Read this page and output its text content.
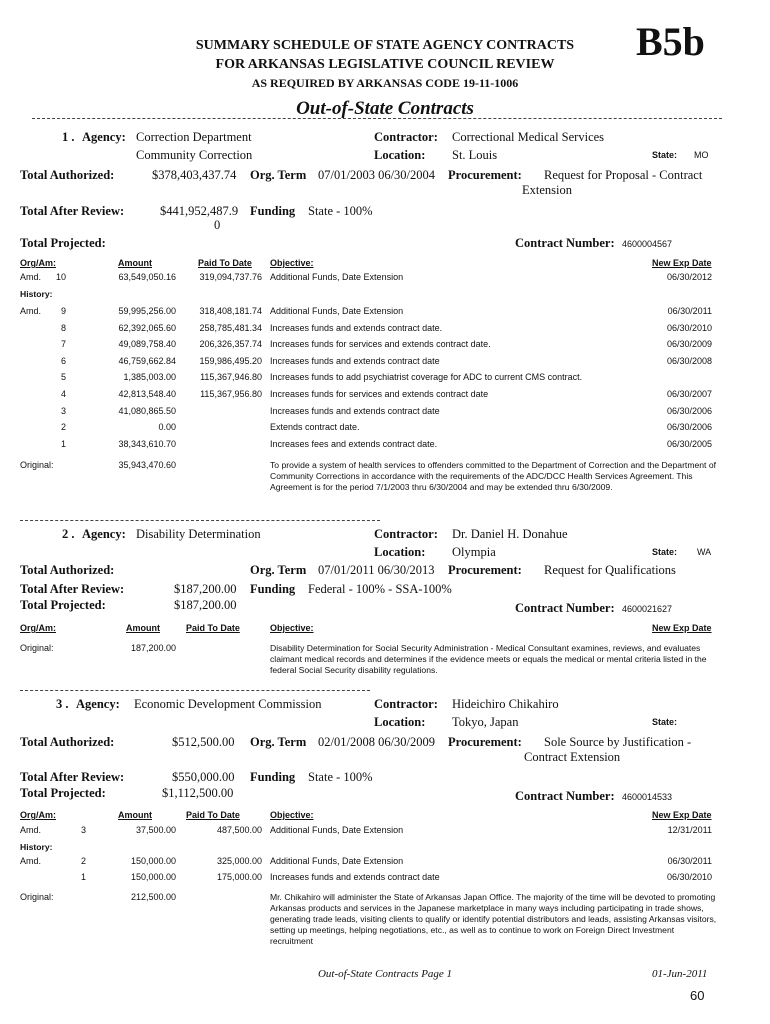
SUMMARY SCHEDULE OF STATE AGENCY CONTRACTS
FOR ARKANSAS LEGISLATIVE COUNCIL REVIEW
AS REQUIRED BY ARKANSAS CODE 19-11-1006
B5b
Out-of-State Contracts
1 . Agency: Correction Department
Community Correction
Contractor: Correctional Medical Services
Location: St. Louis	State: MO
Total Authorized:	$378,403,437.74 Org. Term 07/01/2003 06/30/2004 Procurement: Request for Proposal - Contract
Extension
Total After Review:	$441,952,487.9
0
Funding State - 100%
Total Projected:	Contract Number: 4600004567
Org/Am:	Amount	Paid To Date Objective:	New Exp Date
Amd. 10	63,549,050.16	319,094,737.76 Additional Funds, Date Extension	06/30/2012
History:
Amd.	9	59,995,256.00	318,408,181.74 Additional Funds, Date Extension	06/30/2011
8	62,392,065.60	258,785,481.34 Increases funds and extends contract date.	06/30/2010
7	49,089,758.40	206,326,357.74 Increases funds for services and extends contract date.	06/30/2009
6	46,759,662.84	159,986,495.20 Increases funds and extends contract date	06/30/2008
5	1,385,003.00	115,367,946.80 Increases funds to add psychiatrist coverage for ADC to current CMS contract.
4	42,813,548.40	115,367,956.80 Increases funds for services and extends contract date	06/30/2007
3	41,080,865.50	Increases funds and extends contract date	06/30/2006
2	0.00	Extends contract date.	06/30/2006
1	38,343,610.70	Increases fees and extends contract date.	06/30/2005
Original:	35,943,470.60	To provide a system of health services to offenders committed to the Department of Correction and the Department of Community Corrections in accordance with the requirements of the ADC/DCC Health Services Agreement. This Agreement is for the period 7/1/2003 thru 6/30/2004 and may be extended thru 6/30/2009.
2 . Agency: Disability Determination	Contractor: Dr. Daniel H. Donahue
Location: Olympia	State: WA
Total Authorized:	Org. Term 07/01/2011 06/30/2013 Procurement: Request for Qualifications
Total After Review:	$187,200.00 Funding Federal - 100% - SSA-100%
Total Projected:	$187,200.00	Contract Number: 4600021627
Org/Am:	Amount	Paid To Date	Objective:	New Exp Date
Original:	187,200.00	Disability Determination for Social Security Administration - Medical Consultant examines, reviews, and evaluates claimant medical records and determines if the evidence meets or equals the medical or mental criteria listed in the federal Social Security disability regulations.
3 . Agency: Economic Development Commission	Contractor: Hideichiro Chikahiro
Location: Tokyo, Japan	State:
Total Authorized:	$512,500.00 Org. Term 02/01/2008 06/30/2009 Procurement: Sole Source by Justification -
Contract Extension
Total After Review:	$550,000.00 Funding State - 100%
Total Projected:	$1,112,500.00	Contract Number: 4600014533
Org/Am:	Amount	Paid To Date	Objective:	New Exp Date
Amd.	3	37,500.00	487,500.00 Additional Funds, Date Extension	12/31/2011
History:
Amd.	2	150,000.00	325,000.00 Additional Funds, Date Extension	06/30/2011
1	150,000.00	175,000.00 Increases funds and extends contract date	06/30/2010
Original:	212,500.00	Mr. Chikahiro will administer the State of Arkansas Japan Office. The majority of the time will be devoted to promoting Arkansas products and services in the Japanese marketplace in many ways including participating in trade shows, generating trade leads, visiting clients to qualify or identify potential distributors and leads, assisting Arkansas visitors, setting up meetings, helping negotiations, etc., as well as to continue to work on Foreign Direct Investment recruitment
Out-of-State Contracts Page 1	01-Jun-2011
60
